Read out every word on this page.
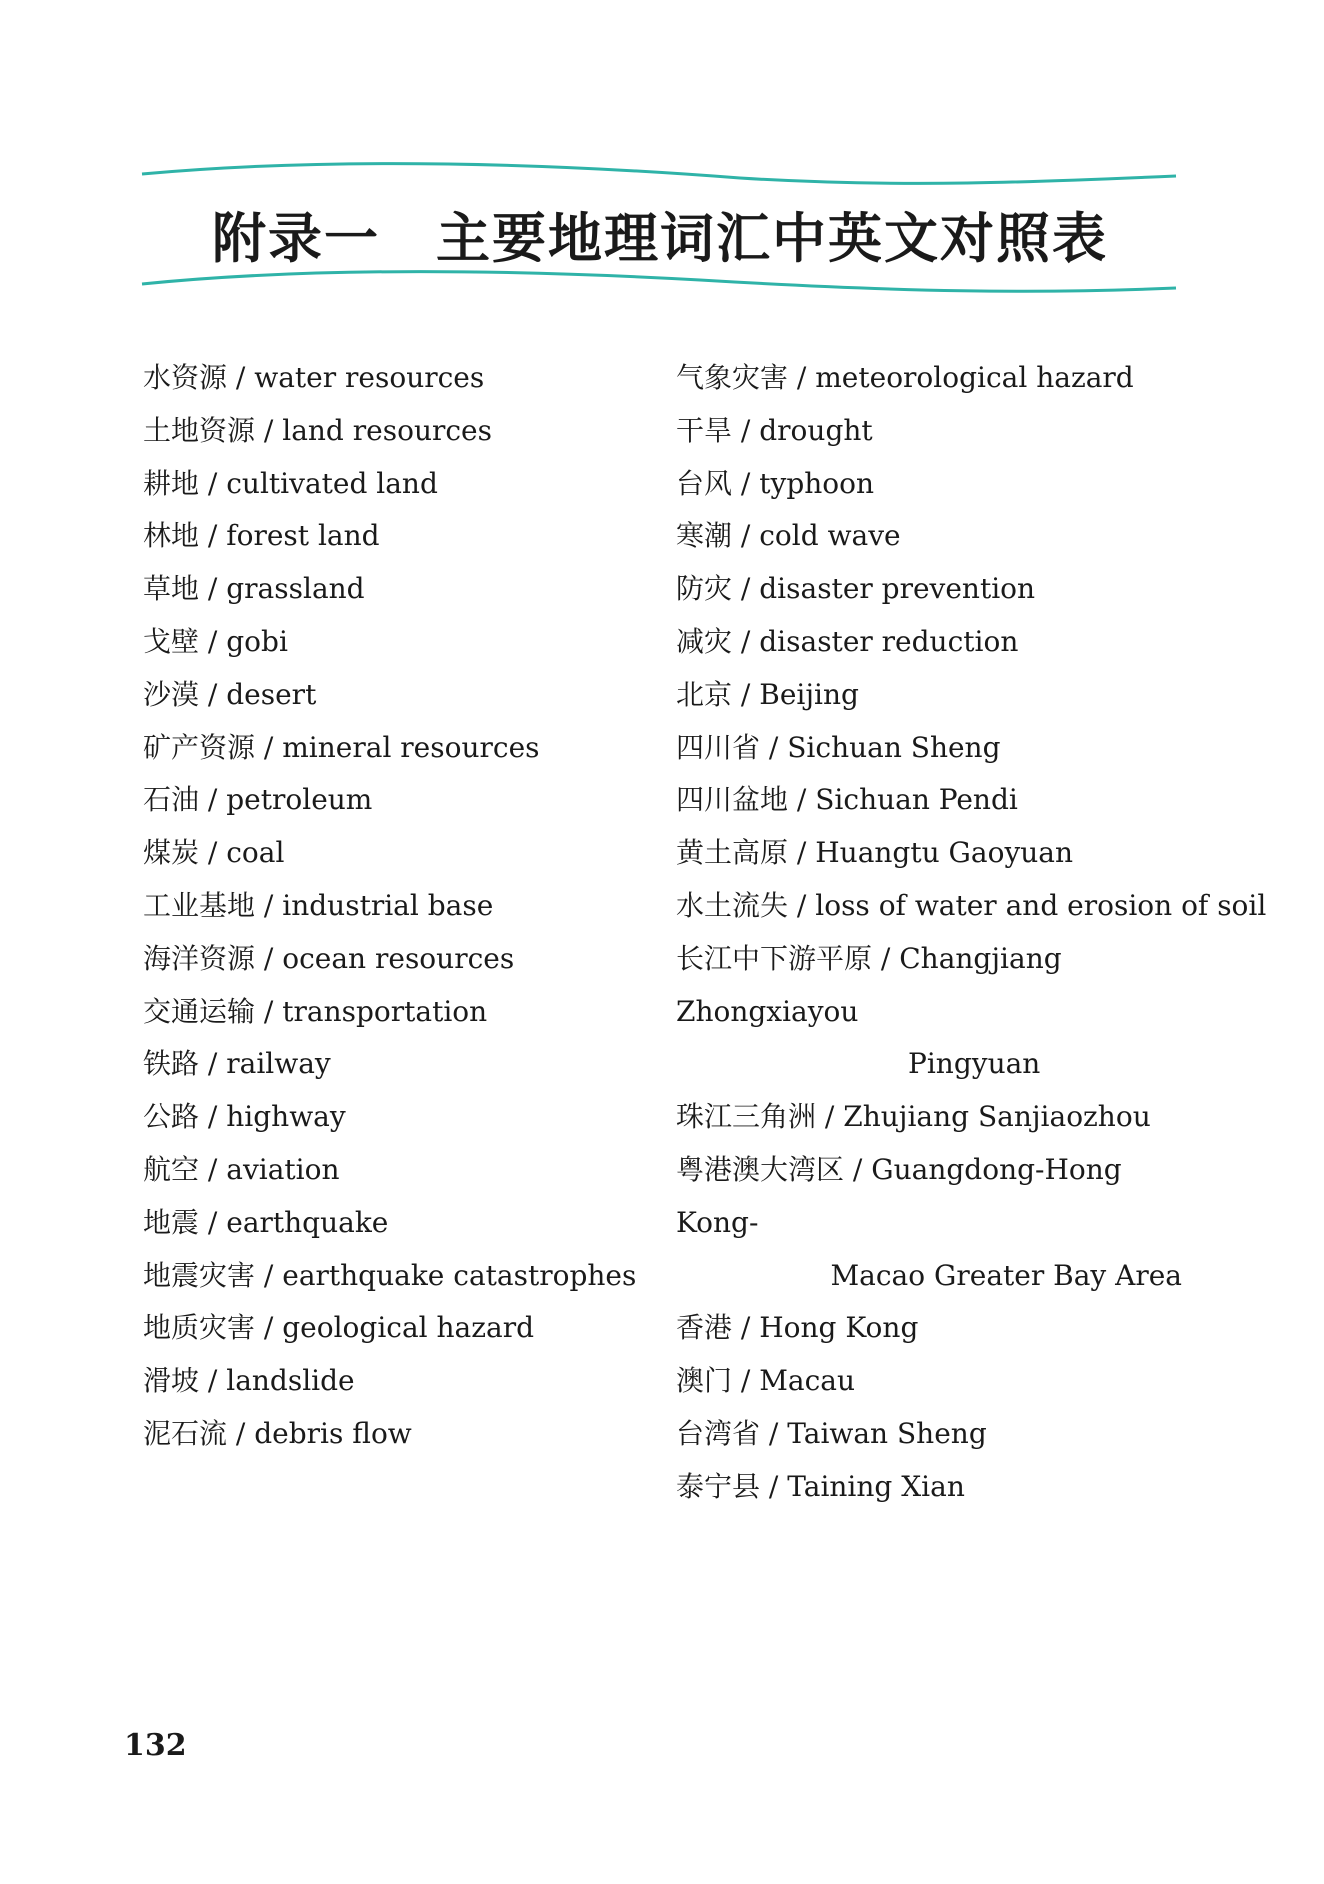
附录一 主要地理词汇中英文对照表
水资源 / water resources
土地资源 / land resources
耕地 / cultivated land
林地 / forest land
草地 / grassland
戈壁 / gobi
沙漠 / desert
矿产资源 / mineral resources
石油 / petroleum
煤炭 / coal
工业基地 / industrial base
海洋资源 / ocean resources
交通运输 / transportation
铁路 / railway
公路 / highway
航空 / aviation
地震 / earthquake
地震灾害 / earthquake catastrophes
地质灾害 / geological hazard
滑坡 / landslide
泥石流 / debris flow
气象灾害 / meteorological hazard
干旱 / drought
台风 / typhoon
寒潮 / cold wave
防灾 / disaster prevention
减灾 / disaster reduction
北京 / Beijing
四川省 / Sichuan Sheng
四川盆地 / Sichuan Pendi
黄土高原 / Huangtu Gaoyuan
水土流失 / loss of water and erosion of soil
长江中下游平原 / Changjiang Zhongxiayou
Pingyuan
珠江三角洲 / Zhujiang Sanjiaozhou
粤港澳大湾区 / Guangdong-Hong Kong-
Macao Greater Bay Area
香港 / Hong Kong
澳门 / Macau
台湾省 / Taiwan Sheng
泰宁县 / Taining Xian
132
